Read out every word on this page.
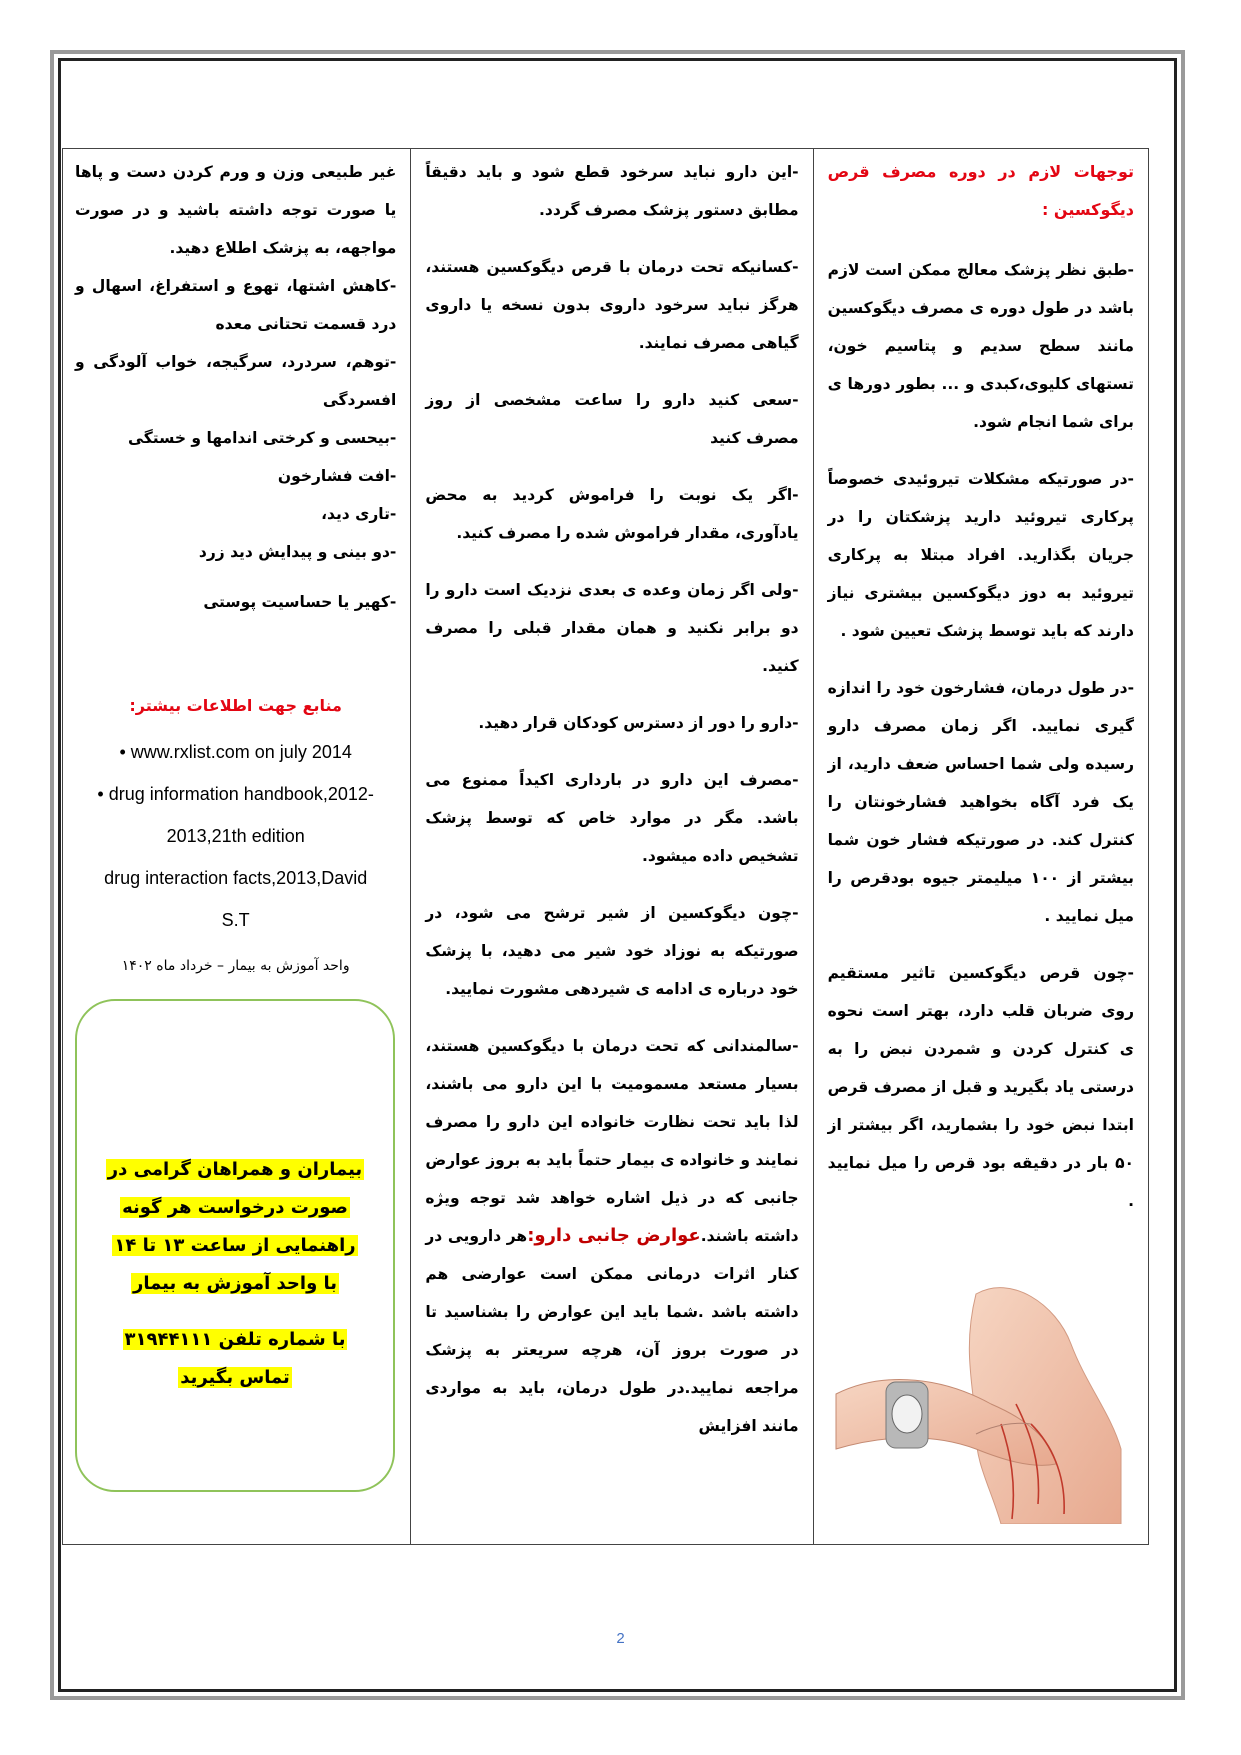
توجهات لازم در دوره مصرف قرص دیگوکسین :

-طبق نظر پزشک معالج ممکن است لازم باشد در طول دوره ی مصرف دیگوکسین مانند سطح سدیم و پتاسیم خون، تستهای کلیوی،کبدی و ... بطور دورها ی برای شما انجام شود.

-در صورتیکه مشکلات تیروئیدی خصوصاً پرکاری تیروئید دارید پزشکتان را در جریان بگذارید. افراد مبتلا به پرکاری تیروئید به دوز دیگوکسین بیشتری نیاز دارند که باید توسط پزشک تعیین شود .

-در طول درمان، فشارخون خود را اندازه گیری نمایید. اگر زمان مصرف دارو رسیده ولی شما احساس ضعف دارید، از یک فرد آگاه بخواهید فشارخونتان را کنترل کند. در صورتیکه فشار خون شما بیشتر از ۱۰۰ میلیمتر جیوه بودقرص را میل نمایید .

-چون قرص دیگوکسین تاثیر مستقیم روی ضربان قلب دارد، بهتر است نحوه ی کنترل کردن و شمردن نبض را به درستی یاد بگیرید و قبل از مصرف قرص ابتدا نبض خود را بشمارید، اگر بیشتر از ۵۰ بار در دقیقه بود قرص را میل نمایید .

-این دارو نباید سرخود قطع شود و باید دقیقاً مطابق دستور پزشک مصرف گردد.

-کسانیکه تحت درمان با قرص دیگوکسین هستند، هرگز نباید سرخود داروی بدون نسخه یا داروی گیاهی مصرف نمایند.

-سعی کنید دارو را ساعت مشخصی از روز مصرف کنید

-اگر یک نوبت را فراموش کردید به محض یادآوری، مقدار فراموش شده را مصرف کنید.

-ولی اگر زمان وعده ی بعدی نزدیک است دارو را دو برابر نکنید و همان مقدار قبلی را مصرف کنید.

-دارو را دور از دسترس کودکان قرار دهید.

-مصرف این دارو در بارداری اکیداً ممنوع می باشد. مگر در موارد خاص که توسط پزشک تشخیص داده میشود.

-چون دیگوکسین از شیر ترشح می شود، در صورتیکه به نوزاد خود شیر می دهید، با پزشک خود درباره ی ادامه ی شیردهی مشورت نمایید.

-سالمندانی که تحت درمان با دیگوکسین هستند، بسیار مستعد مسمومیت با این دارو می باشند، لذا باید تحت نظارت خانواده این دارو را مصرف نمایند و خانواده ی بیمار حتماً باید به بروز عوارض جانبی که در ذیل اشاره خواهد شد توجه ویژه داشته باشند.عوارض جانبی دارو:هر دارویی در کنار اثرات درمانی ممکن است عوارضی هم داشته باشد .شما باید این عوارض را بشناسید تا در صورت بروز آن، هرچه سریعتر به پزشک مراجعه نمایید.در طول درمان، باید به مواردی مانند افزایش

غیر طبیعی وزن و ورم کردن دست و پاها یا صورت توجه داشته باشید و در صورت مواجهه، به پزشک اطلاع دهید.
-کاهش اشتها، تهوع و استفراغ، اسهال و درد قسمت تحتانی معده
-توهم، سردرد، سرگیجه، خواب آلودگی و افسردگی
-بیحسی و کرختی اندامها و خستگی
-افت فشارخون
-تاری دید،
-دو بینی و پیدایش دید زرد
-کهیر یا حساسیت پوستی
منابع جهت اطلاعات بیشتر:
• www.rxlist.com on july 2014
• drug information handbook,2012-
2013,21th edition
drug interaction facts,2013,David
S.T
واحد آموزش به بیمار – خرداد ماه ۱۴۰۲
بیماران و همراهان گرامی در
صورت درخواست هر گونه
راهنمایی از ساعت ۱۳ تا ۱۴
با واحد آموزش به بیمار
با شماره تلفن ۳۱۹۴۴۱۱۱
تماس بگیرید
2
